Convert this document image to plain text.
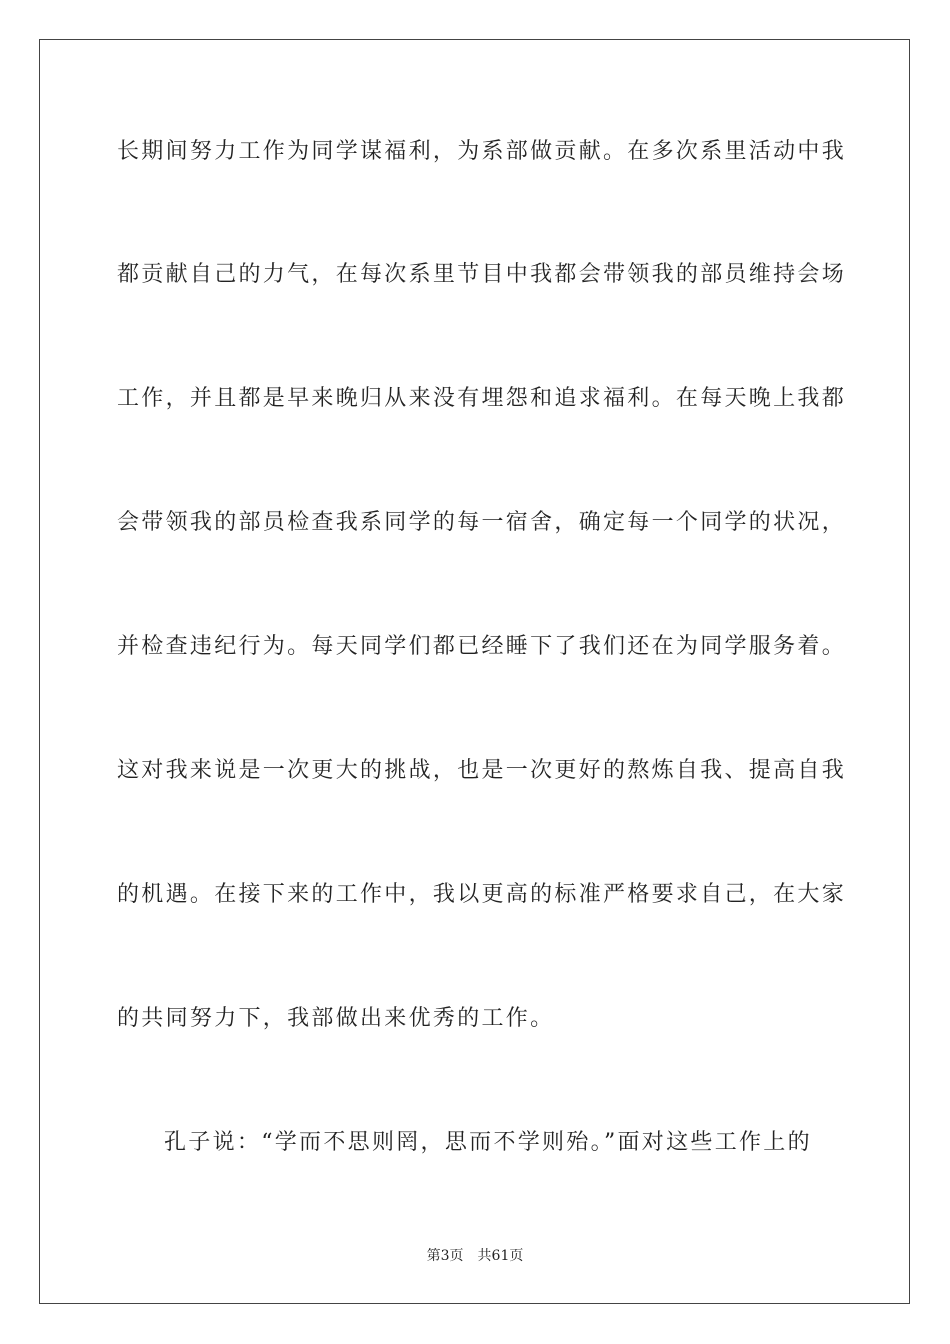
长期间努力工作为同学谋福利，为系部做贡献。在多次系里活动中我
都贡献自己的力气，在每次系里节目中我都会带领我的部员维持会场
工作，并且都是早来晚归从来没有埋怨和追求福利。在每天晚上我都
会带领我的部员检查我系同学的每一宿舍，确定每一个同学的状况，
并检查违纪行为。每天同学们都已经睡下了我们还在为同学服务着。
这对我来说是一次更大的挑战，也是一次更好的熬炼自我、提高自我
的机遇。在接下来的工作中，我以更高的标准严格要求自己，在大家
的共同努力下，我部做出来优秀的工作。
孔子说：“学而不思则罔，思而不学则殆。”面对这些工作上的
第3页 共61页
